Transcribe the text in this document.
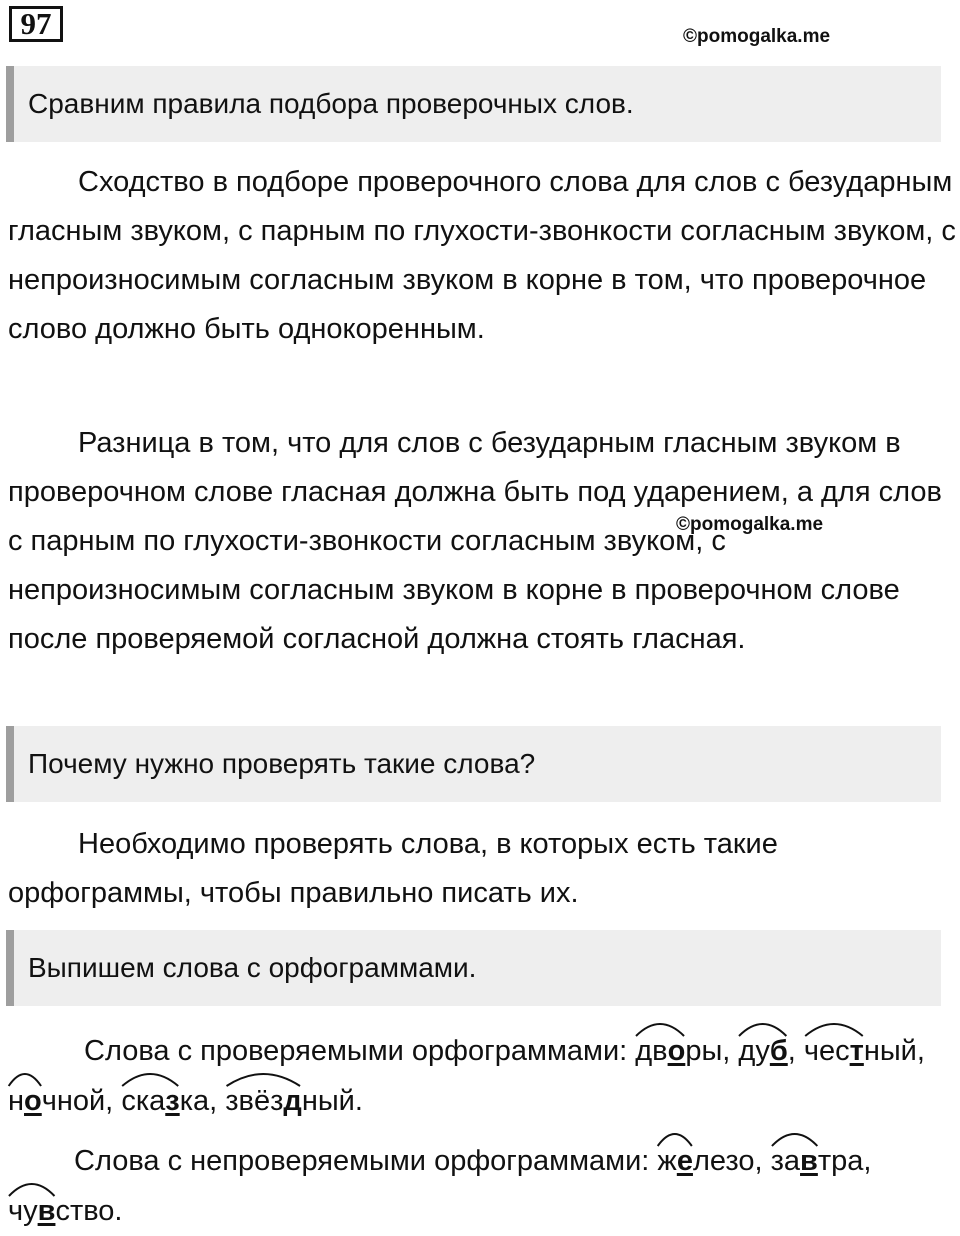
97	©pomogalka.me
Сравним правила подбора проверочных слов.

Сходство в подборе проверочного слова для слов с безударным гласным звуком, с парным по глухости-звонкости согласным звуком, с непроизносимым согласным звуком в корне в том, что проверочное слово должно быть однокоренным.

Разница в том, что для слов с безударным гласным звуком в проверочном слове гласная должна быть под ударением, а для слов с парным по глухости-звонкости согласным звуком, с непроизносимым согласным звуком в корне в проверочном слове после проверяемой согласной должна стоять гласная.

©pomogalka.me
Почему нужно проверять такие слова?

Необходимо проверять слова, в которых есть такие орфограммы, чтобы правильно писать их.

Выпишем слова с орфограммами.

Слова с проверяемыми орфограммами: дворы, дуб, честный,
ночной, сказка, звёздный.

Слова с непроверяемыми орфограммами: железо, завтра,
чувство.
